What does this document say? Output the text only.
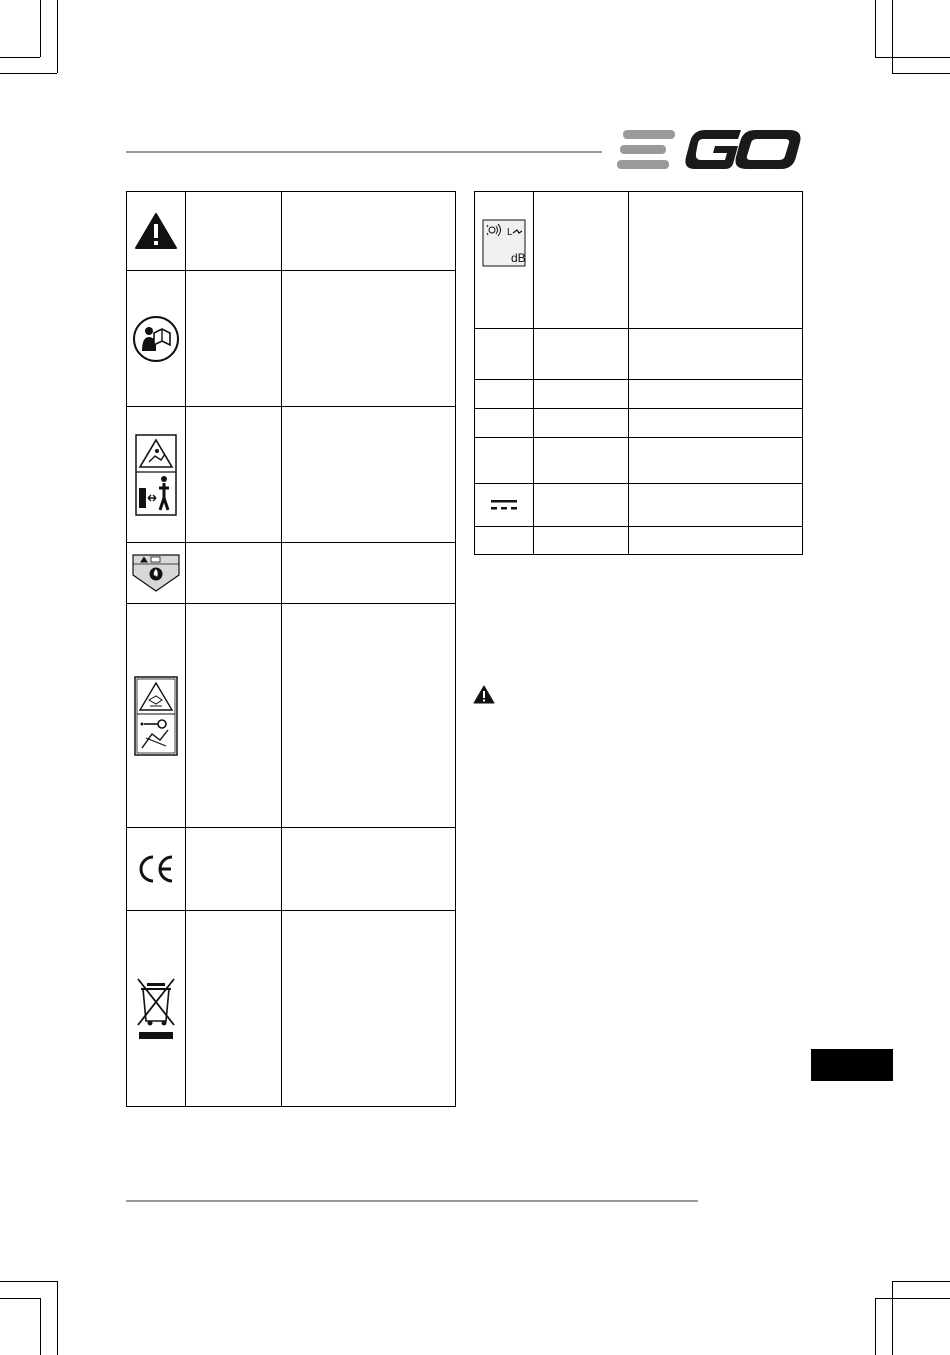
L
dB		
